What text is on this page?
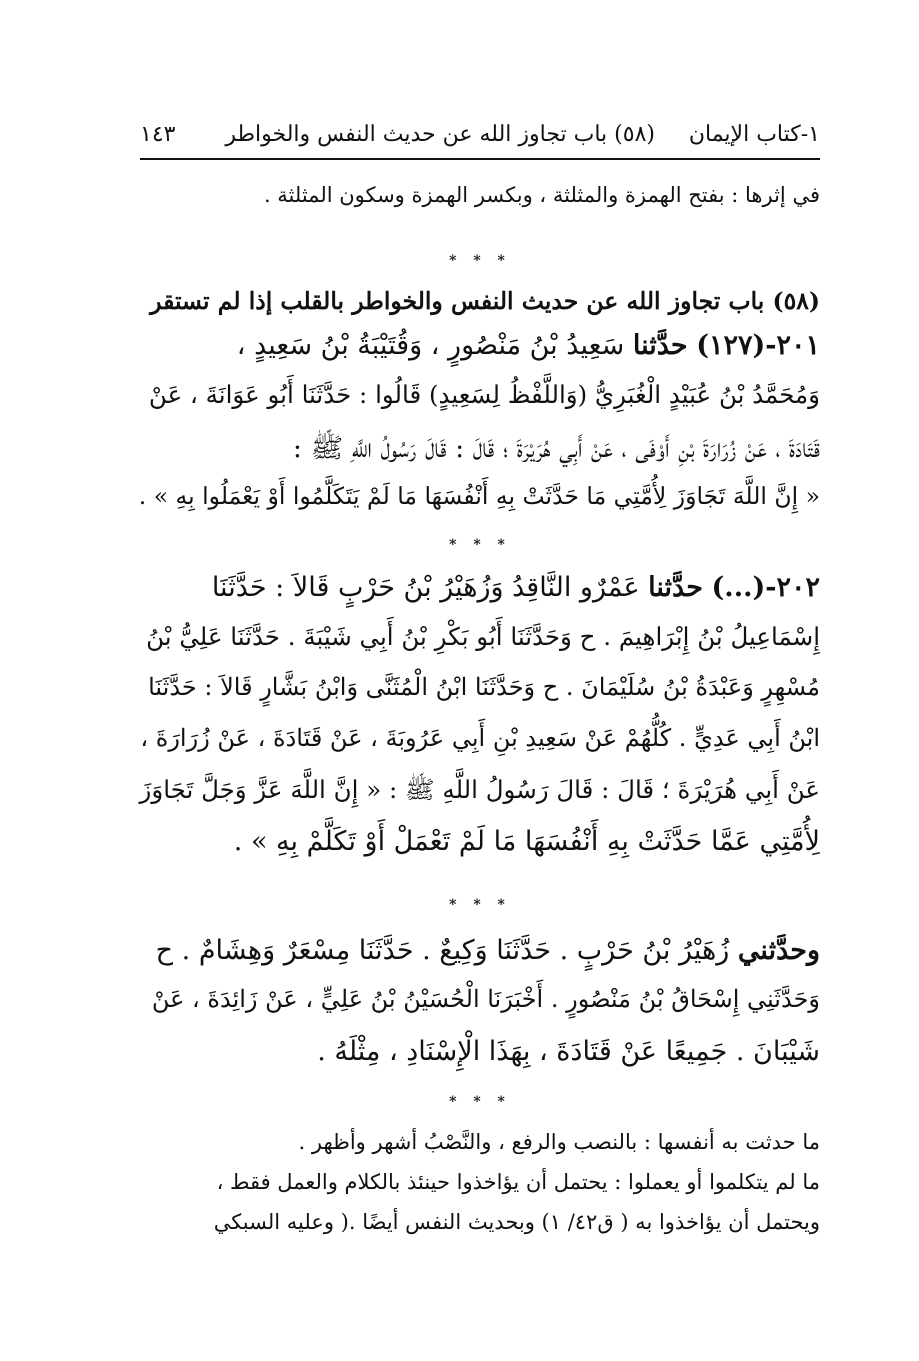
١-كتاب الإيمان
(٥٨) باب تجاوز الله عن حديث النفس والخواطر
١٤٣
في إثرها : بفتح الهمزة والمثلثة ، وبكسر الهمزة وسكون المثلثة .
* * *
(٥٨) باب تجاوز الله عن حديث النفس والخواطر بالقلب إذا لم تستقر
٢٠١-(١٢٧) حدَّثنا سَعِيدُ بْنُ مَنْصُورٍ ، وَقُتَيْبَةُ بْنُ سَعِيدٍ ،
وَمُحَمَّدُ بْنُ عُبَيْدٍ الْغُبَرِيُّ (وَاللَّفْظُ لِسَعِيدٍ) قَالُوا : حَدَّثَنَا أَبُو عَوَانَةَ ، عَنْ
قَتَادَةَ ، عَنْ زُرَارَةَ بْنِ أَوْفَى ، عَنْ أَبِي هُرَيْرَةَ ؛ قَالَ : قَالَ رَسُولُ اللَّهِ ﷺ :
« إِنَّ اللَّهَ تَجَاوَزَ لِأُمَّتِي مَا حَدَّثَتْ بِهِ أَنْفُسَهَا مَا لَمْ يَتَكَلَّمُوا أَوْ يَعْمَلُوا بِهِ » .
* * *
٢٠٢-(...) حدَّثنا عَمْرٌو النَّاقِدُ وَزُهَيْرُ بْنُ حَرْبٍ قَالاَ : حَدَّثَنَا
إِسْمَاعِيلُ بْنُ إِبْرَاهِيمَ . ح وَحَدَّثَنَا أَبُو بَكْرِ بْنُ أَبِي شَيْبَةَ . حَدَّثَنَا عَلِيُّ بْنُ
مُسْهِرٍ وَعَبْدَةُ بْنُ سُلَيْمَانَ . ح وَحَدَّثَنَا ابْنُ الْمُثَنَّى وَابْنُ بَشَّارٍ قَالاَ : حَدَّثَنَا
ابْنُ أَبِي عَدِيٍّ . كُلُّهُمْ عَنْ سَعِيدِ بْنِ أَبِي عَرُوبَةَ ، عَنْ قَتَادَةَ ، عَنْ زُرَارَةَ ،
عَنْ أَبِي هُرَيْرَةَ ؛ قَالَ : قَالَ رَسُولُ اللَّهِ ﷺ : « إِنَّ اللَّهَ عَزَّ وَجَلَّ تَجَاوَزَ
لِأُمَّتِي عَمَّا حَدَّثَتْ بِهِ أَنْفُسَهَا مَا لَمْ تَعْمَلْ أَوْ تَكَلَّمْ بِهِ » .
* * *
وحدَّثني زُهَيْرُ بْنُ حَرْبٍ . حَدَّثَنَا وَكِيعٌ . حَدَّثَنَا مِسْعَرٌ وَهِشَامٌ . ح
وَحَدَّثَنِي إِسْحَاقُ بْنُ مَنْصُورٍ . أَخْبَرَنَا الْحُسَيْنُ بْنُ عَلِيٍّ ، عَنْ زَائِدَةَ ، عَنْ
شَيْبَانَ . جَمِيعًا عَنْ قَتَادَةَ ، بِهَذَا الْإِسْنَادِ ، مِثْلَهُ .
* * *
ما حدثت به أنفسها : بالنصب والرفع ، والنَّصْبُ أشهر وأظهر .
ما لم يتكلموا أو يعملوا : يحتمل أن يؤاخذوا حينئذ بالكلام والعمل فقط ،
ويحتمل أن يؤاخذوا به ( ق٤٢/ ١) وبحديث النفس أيضًا .( وعليه السبكي
